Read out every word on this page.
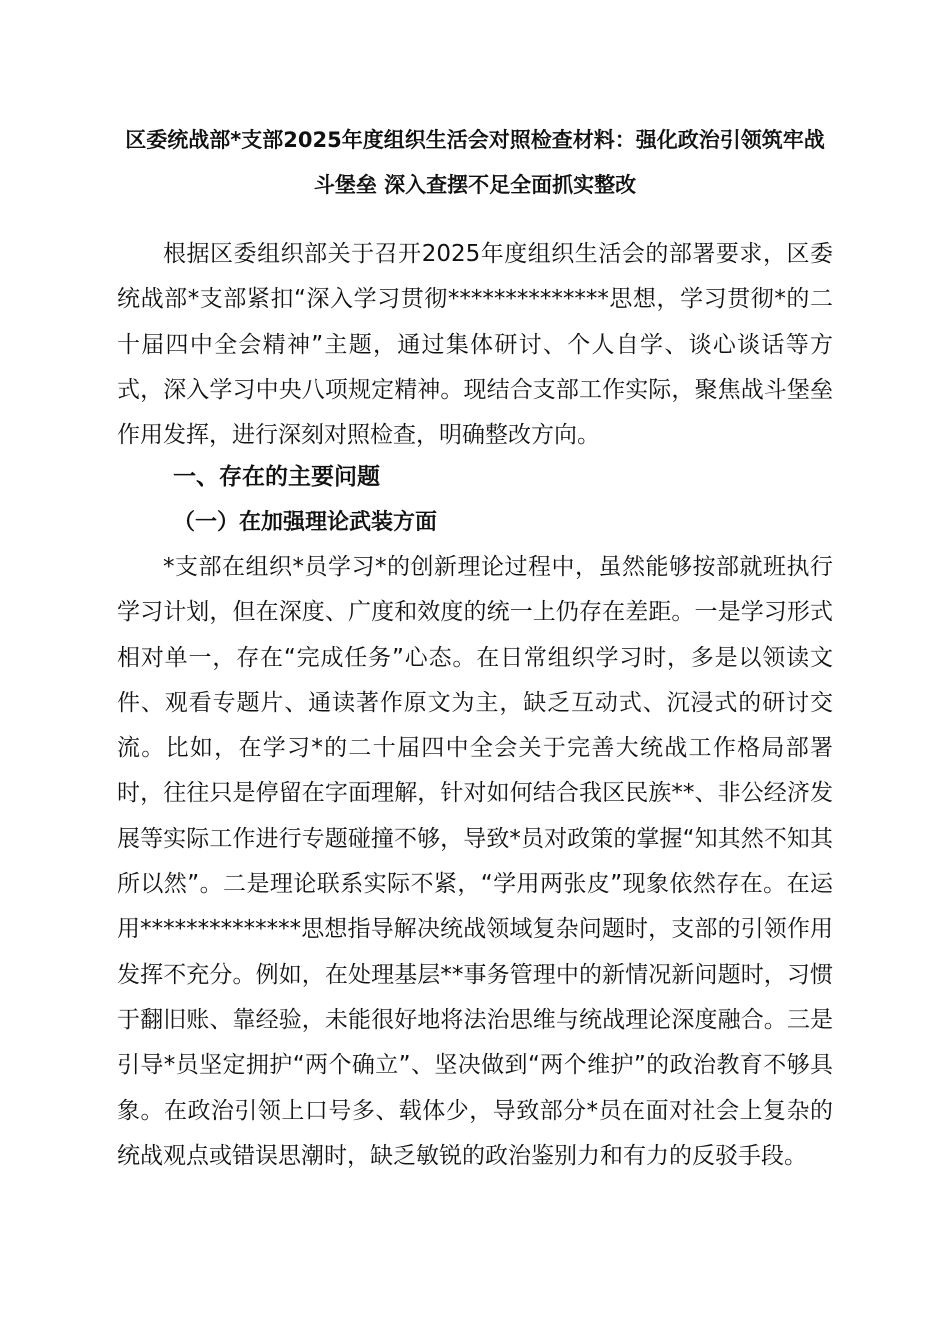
区委统战部*支部2025年度组织生活会对照检查材料：强化政治引领筑牢战斗堡垒 深入查摆不足全面抓实整改

根据区委组织部关于召开2025年度组织生活会的部署要求，区委统战部*支部紧扣“深入学习贯彻**************思想，学习贯彻*的二十届四中全会精神”主题，通过集体研讨、个人自学、谈心谈话等方式，深入学习中央八项规定精神。现结合支部工作实际，聚焦战斗堡垒作用发挥，进行深刻对照检查，明确整改方向。

一、存在的主要问题
（一）在加强理论武装方面

*支部在组织*员学习*的创新理论过程中，虽然能够按部就班执行学习计划，但在深度、广度和效度的统一上仍存在差距。一是学习形式相对单一，存在“完成任务”心态。在日常组织学习时，多是以领读文件、观看专题片、通读著作原文为主，缺乏互动式、沉浸式的研讨交流。比如，在学习*的二十届四中全会关于完善大统战工作格局部署时，往往只是停留在字面理解，针对如何结合我区民族**、非公经济发展等实际工作进行专题碰撞不够，导致*员对政策的掌握“知其然不知其所以然”。二是理论联系实际不紧，“学用两张皮”现象依然存在。在运用**************思想指导解决统战领域复杂问题时，支部的引领作用发挥不充分。例如，在处理基层**事务管理中的新情况新问题时，习惯于翻旧账、靠经验，未能很好地将法治思维与统战理论深度融合。三是引导*员坚定拥护“两个确立”、坚决做到“两个维护”的政治教育不够具象。在政治引领上口号多、载体少，导致部分*员在面对社会上复杂的统战观点或错误思潮时，缺乏敏锐的政治鉴别力和有力的反驳手段。
